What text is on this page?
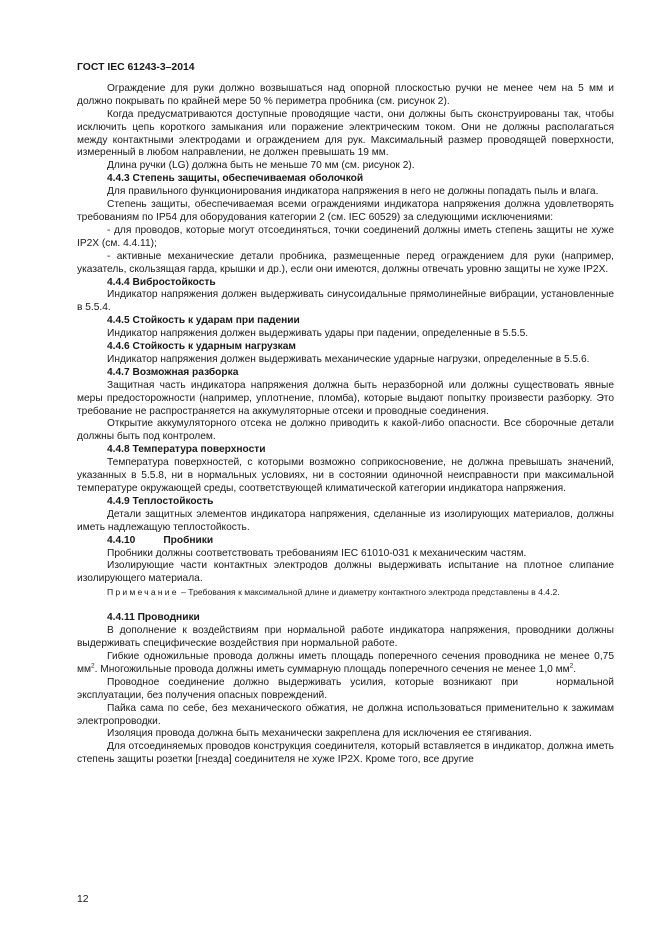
ГОСТ IEC 61243-3–2014

Ограждение для руки должно возвышаться над опорной плоскостью ручки не менее чем на 5 мм и должно покрывать по крайней мере 50 % периметра пробника (см. рисунок 2).

Когда предусматриваются доступные проводящие части, они должны быть сконструированы так, чтобы исключить цепь короткого замыкания или поражение электрическим током. Они не должны располагаться между контактными электродами и ограждением для рук. Максимальный размер проводящей поверхности, измеренный в любом направлении, не должен превышать 19 мм.

Длина ручки (LG) должна быть не меньше 70 мм (см. рисунок 2).

4.4.3 Степень защиты, обеспечиваемая оболочкой

Для правильного функционирования индикатора напряжения в него не должны попадать пыль и влага.

Степень защиты, обеспечиваемая всеми ограждениями индикатора напряжения должна удовлетворять требованиям по IP54 для оборудования категории 2 (см. IEC 60529) за следующими исключениями:

- для проводов, которые могут отсоединяться, точки соединений должны иметь степень защиты не хуже IP2X (см. 4.4.11);

- активные механические детали пробника, размещенные перед ограждением для руки (например, указатель, скользящая гарда, крышки и др.), если они имеются, должны отвечать уровню защиты не хуже IP2X.

4.4.4 Вибростойкость

Индикатор напряжения должен выдерживать синусоидальные прямолинейные вибрации, установленные в 5.5.4.

4.4.5 Стойкость к ударам при падении

Индикатор напряжения должен выдерживать удары при падении, определенные в 5.5.5.

4.4.6 Стойкость к ударным нагрузкам

Индикатор напряжения должен выдерживать механические ударные нагрузки, определенные в 5.5.6.

4.4.7 Возможная разборка

Защитная часть индикатора напряжения должна быть неразборной или должны существовать явные меры предосторожности (например, уплотнение, пломба), которые выдают попытку произвести разборку. Это требование не распространяется на аккумуляторные отсеки и проводные соединения.

Открытие аккумуляторного отсека не должно приводить к какой-либо опасности. Все сборочные детали должны быть под контролем.

4.4.8 Температура поверхности

Температура поверхностей, с которыми возможно соприкосновение, не должна превышать значений, указанных в 5.5.8, ни в нормальных условиях, ни в состоянии одиночной неисправности при максимальной температуре окружающей среды, соответствующей климатической категории индикатора напряжения.

4.4.9 Теплостойкость

Детали защитных элементов индикатора напряжения, сделанные из изолирующих материалов, должны иметь надлежащую теплостойкость.

4.4.10	Пробники

Пробники должны соответствовать требованиям IEC 61010-031 к механическим частям.

Изолирующие части контактных электродов должны выдерживать испытание на плотное слипание изолирующего материала.

Примечание – Требования к максимальной длине и диаметру контактного электрода представлены в 4.4.2.

4.4.11 Проводники

В дополнение к воздействиям при нормальной работе индикатора напряжения, проводники должны выдерживать специфические воздействия при нормальной работе.

Гибкие одножильные провода должны иметь площадь поперечного сечения проводника не менее 0,75 $мм^2$. Многожильные провода должны иметь суммарную площадь поперечного сечения не менее 1,0 $мм^2$.

Проводное соединение должно выдерживать усилия, которые возникают при	нормальной эксплуатации, без получения опасных повреждений.

Пайка сама по себе, без механического обжатия, не должна использоваться применительно к зажимам электропроводки.

Изоляция провода должна быть механически закреплена для исключения ее стягивания.

Для отсоединяемых проводов конструкция соединителя, который вставляется в индикатор, должна иметь степень защиты розетки [гнезда] соединителя не хуже IP2X. Кроме того, все другие

12
